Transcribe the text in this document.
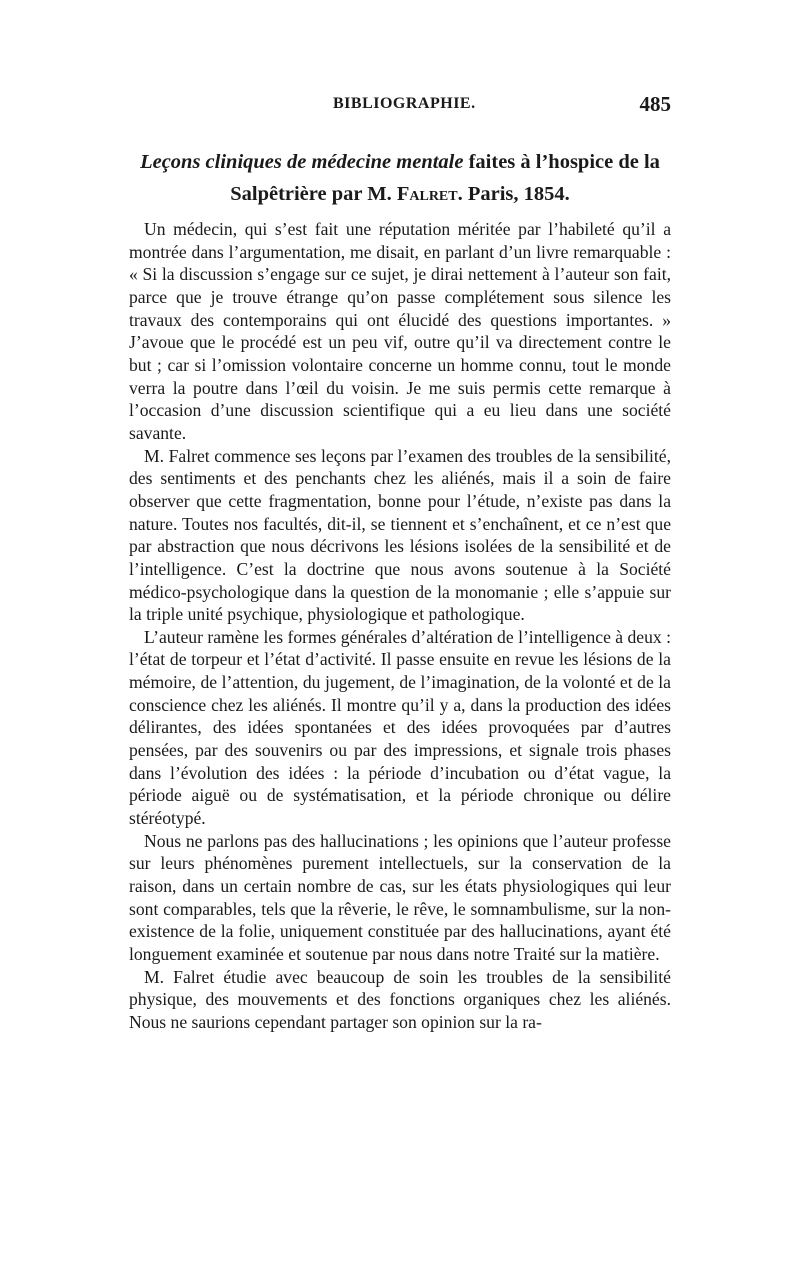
BIBLIOGRAPHIE.	485
Leçons cliniques de médecine mentale faites à l’hospice de la Salpêtrière par M. Falret. Paris, 1854.

Un médecin, qui s’est fait une réputation méritée par l’habileté qu’il a montrée dans l’argumentation, me disait, en parlant d’un livre remarquable : « Si la discussion s’engage sur ce sujet, je dirai nettement à l’auteur son fait, parce que je trouve étrange qu’on passe complétement sous silence les travaux des contemporains qui ont élucidé des questions importantes. » J’avoue que le procédé est un peu vif, outre qu’il va directement contre le but ; car si l’omission volontaire concerne un homme connu, tout le monde verra la poutre dans l’œil du voisin. Je me suis permis cette remarque à l’occasion d’une discussion scientifique qui a eu lieu dans une société savante.

M. Falret commence ses leçons par l’examen des troubles de la sensibilité, des sentiments et des penchants chez les aliénés, mais il a soin de faire observer que cette fragmentation, bonne pour l’étude, n’existe pas dans la nature. Toutes nos facultés, dit-il, se tiennent et s’enchaînent, et ce n’est que par abstraction que nous décrivons les lésions isolées de la sensibilité et de l’intelligence. C’est la doctrine que nous avons soutenue à la Société médico-psychologique dans la question de la monomanie ; elle s’appuie sur la triple unité psychique, physiologique et pathologique.

L’auteur ramène les formes générales d’altération de l’intelligence à deux : l’état de torpeur et l’état d’activité. Il passe ensuite en revue les lésions de la mémoire, de l’attention, du jugement, de l’imagination, de la volonté et de la conscience chez les aliénés. Il montre qu’il y a, dans la production des idées délirantes, des idées spontanées et des idées provoquées par d’autres pensées, par des souvenirs ou par des impressions, et signale trois phases dans l’évolution des idées : la période d’incubation ou d’état vague, la période aiguë ou de systématisation, et la période chronique ou délire stéréotypé.

Nous ne parlons pas des hallucinations ; les opinions que l’auteur professe sur leurs phénomènes purement intellectuels, sur la conservation de la raison, dans un certain nombre de cas, sur les états physiologiques qui leur sont comparables, tels que la rêverie, le rêve, le somnambulisme, sur la non-existence de la folie, uniquement constituée par des hallucinations, ayant été longuement examinée et soutenue par nous dans notre Traité sur la matière.

M. Falret étudie avec beaucoup de soin les troubles de la sensibilité physique, des mouvements et des fonctions organiques chez les aliénés. Nous ne saurions cependant partager son opinion sur la ra-
